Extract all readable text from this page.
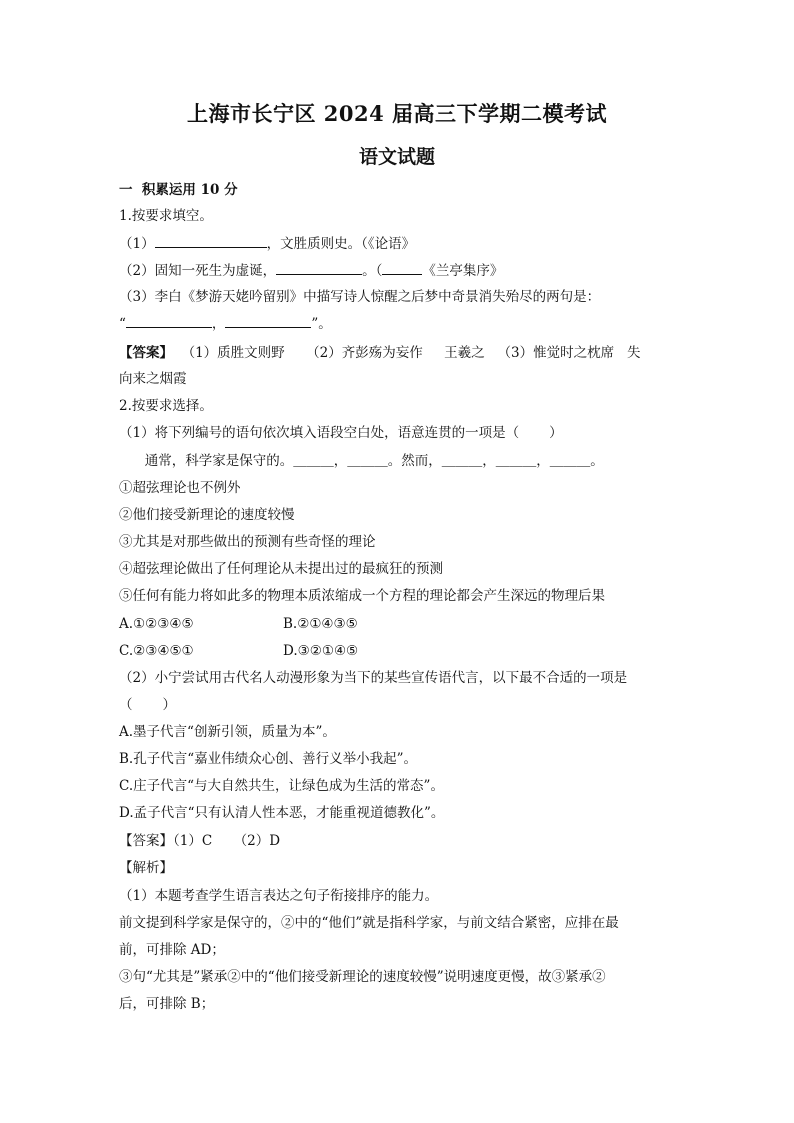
上海市长宁区 2024 届高三下学期二模考试
语文试题
一  积累运用 10 分
1.按要求填空。
（1）	，文胜质则史。（《论语》
（2）固知一死生为虚诞，	。（	《兰亭集序》
（3）李白《梦游天姥吟留别》中描写诗人惊醒之后梦中奇景消失殆尽的两句是：
“	，	”。
【答案】  （1）质胜文则野     （2）齐彭殇为妄作     王羲之   （3）惟觉时之枕席   失
向来之烟霞
2.按要求选择。
（1）将下列编号的语句依次填入语段空白处，语意连贯的一项是（       ）
通常，科学家是保守的。＿＿＿，＿＿＿。然而，＿＿＿，＿＿＿，＿＿＿。
①超弦理论也不例外
②他们接受新理论的速度较慢
③尤其是对那些做出的预测有些奇怪的理论
④超弦理论做出了任何理论从未提出过的最疯狂的预测
⑤任何有能力将如此多的物理本质浓缩成一个方程的理论都会产生深远的物理后果
A.①②③④⑤	B.②①④③⑤
C.②③④⑤①	D.③②①④⑤
（2）小宁尝试用古代名人动漫形象为当下的某些宣传语代言，以下最不合适的一项是
（       ）
A.墨子代言“创新引领，质量为本”。
B.孔子代言“嘉业伟绩众心创、善行义举小我起”。
C.庄子代言“与大自然共生，让绿色成为生活的常态”。
D.孟子代言“只有认清人性本恶，才能重视道德教化”。
【答案】（1）C     （2）D
【解析】
（1）本题考查学生语言表达之句子衔接排序的能力。
前文提到科学家是保守的，②中的“他们”就是指科学家，与前文结合紧密，应排在最
前，可排除 AD；
③句“尤其是”紧承②中的“他们接受新理论的速度较慢”说明速度更慢，故③紧承②
后，可排除 B；
